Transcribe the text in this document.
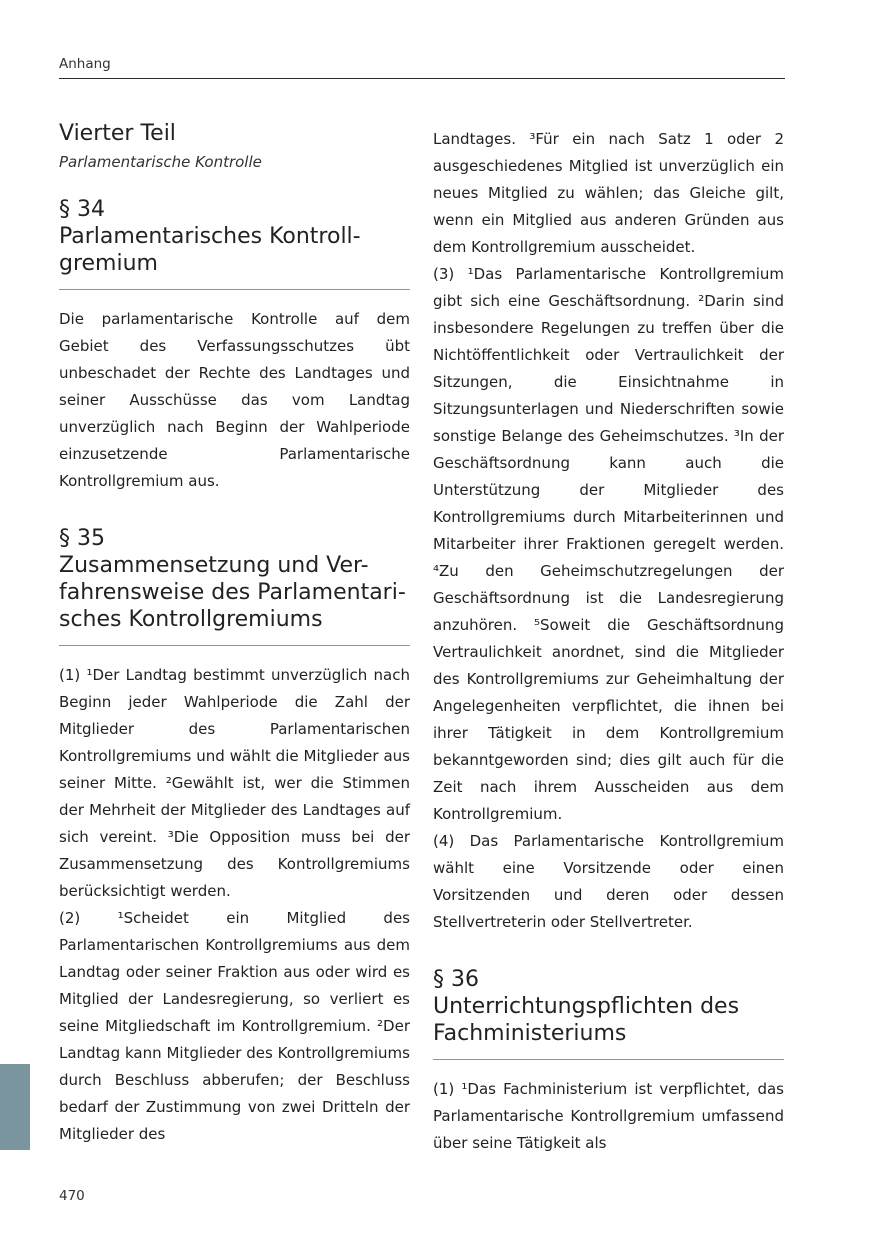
Anhang
Vierter Teil

Parlamentarische Kontrolle

§ 34
Parlamentarisches Kontroll-
gremium

Die parlamentarische Kontrolle auf dem Gebiet des Verfassungsschutzes übt unbeschadet der Rechte des Landtages und seiner Ausschüsse das vom Landtag unverzüglich nach Beginn der Wahlperiode einzusetzende Parlamentarische Kontrollgremium aus.

§ 35
Zusammensetzung und Ver-
fahrensweise des Parlamentari-
sches Kontrollgremiums

(1) ¹Der Landtag bestimmt unverzüglich nach Beginn jeder Wahlperiode die Zahl der Mitglieder des Parlamentarischen Kontrollgremiums und wählt die Mitglieder aus seiner Mitte. ²Gewählt ist, wer die Stimmen der Mehrheit der Mitglieder des Landtages auf sich vereint. ³Die Opposition muss bei der Zusammensetzung des Kontrollgremiums berücksichtigt werden.

(2) ¹Scheidet ein Mitglied des Parlamentarischen Kontrollgremiums aus dem Landtag oder seiner Fraktion aus oder wird es Mitglied der Landesregierung, so verliert es seine Mitgliedschaft im Kontrollgremium. ²Der Landtag kann Mitglieder des Kontrollgremiums durch Beschluss abberufen; der Beschluss bedarf der Zustimmung von zwei Dritteln der Mitglieder des

Landtages. ³Für ein nach Satz 1 oder 2 ausgeschiedenes Mitglied ist unverzüglich ein neues Mitglied zu wählen; das Gleiche gilt, wenn ein Mitglied aus anderen Gründen aus dem Kontrollgremium ausscheidet.

(3) ¹Das Parlamentarische Kontrollgremium gibt sich eine Geschäftsordnung. ²Darin sind insbesondere Regelungen zu treffen über die Nichtöffentlichkeit oder Vertraulichkeit der Sitzungen, die Einsichtnahme in Sitzungsunterlagen und Niederschriften sowie sonstige Belange des Geheimschutzes. ³In der Geschäftsordnung kann auch die Unterstützung der Mitglieder des Kontrollgremiums durch Mitarbeiterinnen und Mitarbeiter ihrer Fraktionen geregelt werden. ⁴Zu den Geheimschutzregelungen der Geschäftsordnung ist die Landesregierung anzuhören. ⁵Soweit die Geschäftsordnung Vertraulichkeit anordnet, sind die Mitglieder des Kontrollgremiums zur Geheimhaltung der Angelegenheiten verpflichtet, die ihnen bei ihrer Tätigkeit in dem Kontrollgremium bekanntgeworden sind; dies gilt auch für die Zeit nach ihrem Ausscheiden aus dem Kontrollgremium.

(4) Das Parlamentarische Kontrollgremium wählt eine Vorsitzende oder einen Vorsitzenden und deren oder dessen Stellvertreterin oder Stellvertreter.

§ 36
Unterrichtungspflichten des
Fachministeriums

(1) ¹Das Fachministerium ist verpflichtet, das Parlamentarische Kontrollgremium umfassend über seine Tätigkeit als

470
